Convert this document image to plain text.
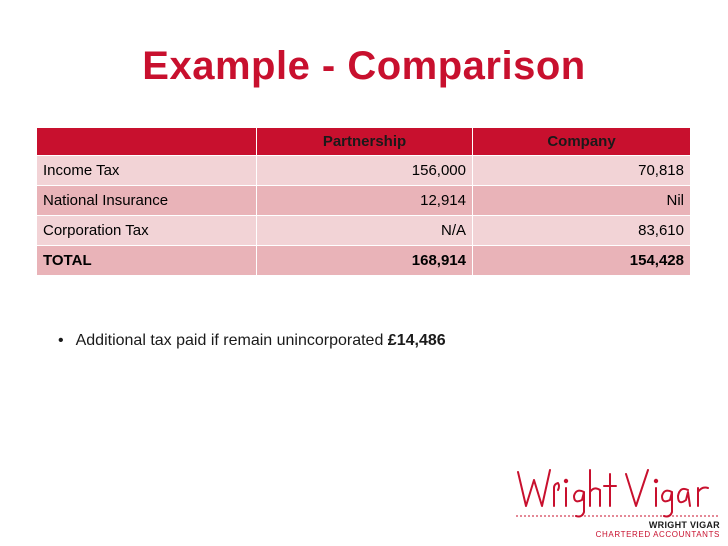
Example - Comparison
	Partnership	Company
Income Tax	156,000	70,818
National Insurance	12,914	Nil
Corporation Tax	N/A	83,610
TOTAL	168,914	154,428
• Additional tax paid if remain unincorporated £14,486
WRIGHT VIGAR
CHARTERED ACCOUNTANTS
